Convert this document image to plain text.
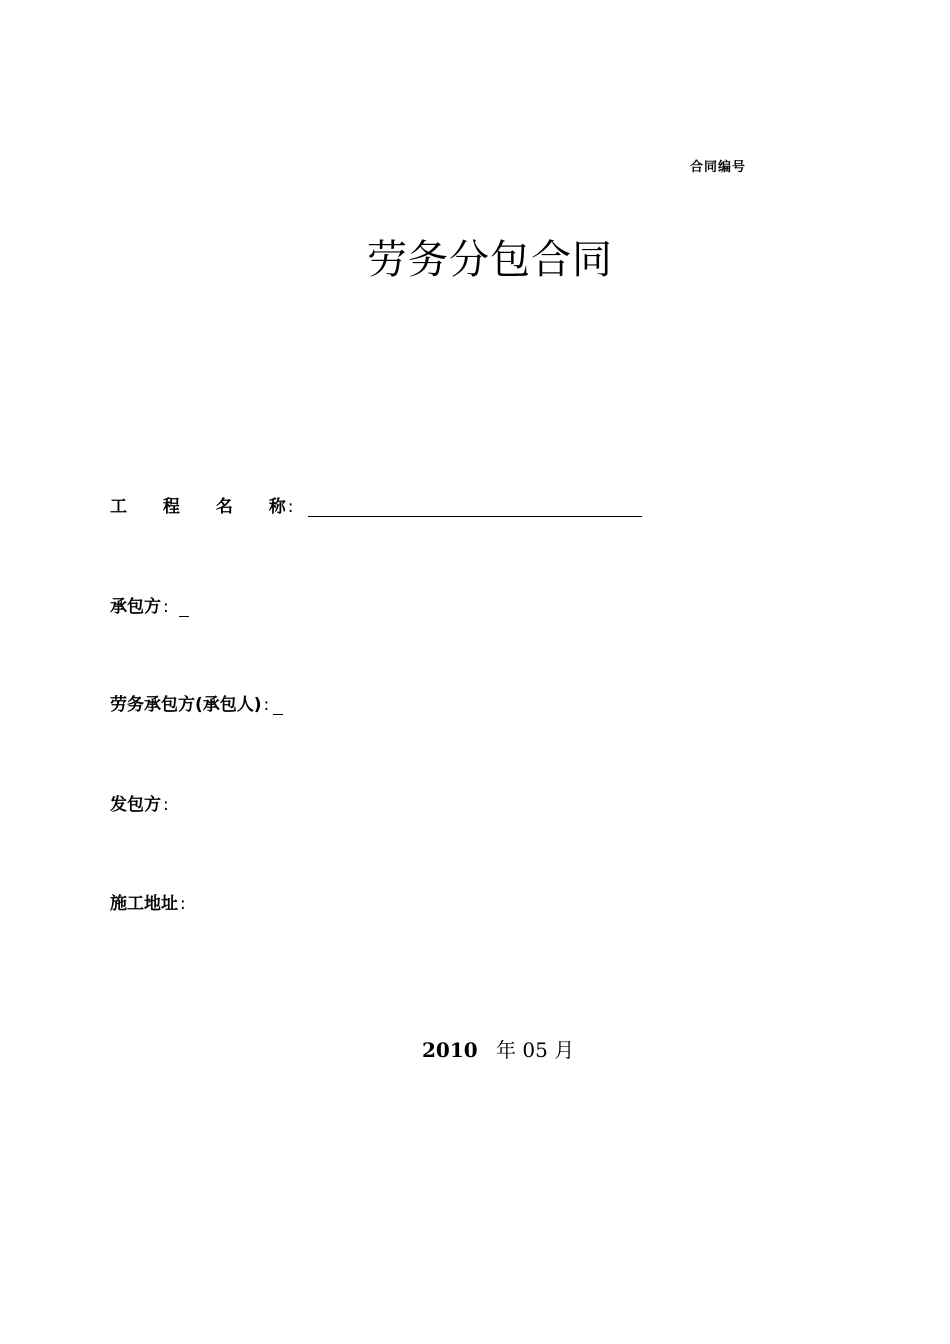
合同编号
劳务分包合同
工 程 名 称 :
承包方 :
劳务承包方(承包人) :
发包方 :
施工地址 :
2010 年 05 月
